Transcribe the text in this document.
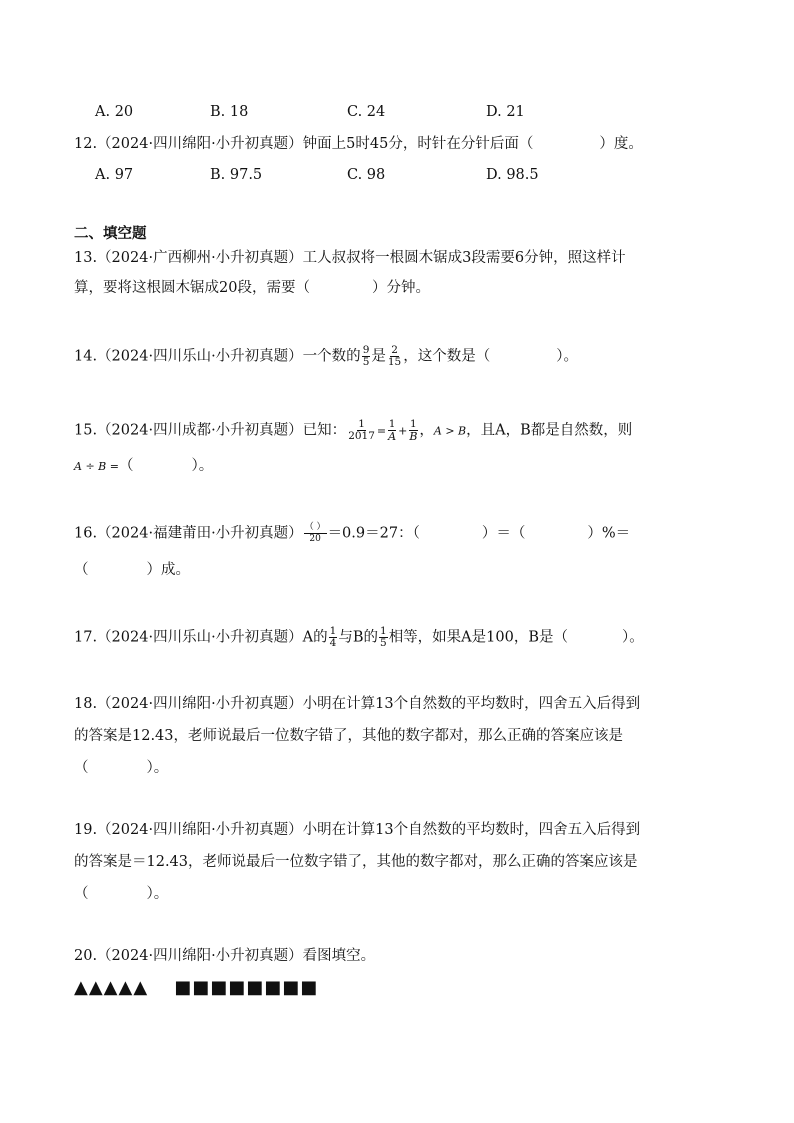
A. 20	B. 18	C. 24	D. 21
12.（2024·四川绵阳·小升初真题）钟面上5时45分，时针在分针后面（	）度。
A. 97	B. 97.5	C. 98	D. 98.5
二、填空题
13.（2024·广西柳州·小升初真题）工人叔叔将一根圆木锯成3段需要6分钟，照这样计
算，要将这根圆木锯成20段，需要（	）分钟。
14.（2024·四川乐山·小升初真题）一个数的 $\frac{9}{5}$ 是 $\frac{2}{15}$ ，这个数是（	）。
15.（2024·四川成都·小升初真题）已知： $\frac{1}{2017} = \frac{1}{A} + \frac{1}{B}$ ，A > B，且A，B都是自然数，则
A ÷ B =（	）。
16.（2024·福建莆田·小升初真题） $\frac{( )}{20} =0.9=27$：（	）＝（	）%＝
（	）成。
17.（2024·四川乐山·小升初真题）A的 $\frac{1}{4}$ 与B的 $\frac{1}{5}$ 相等，如果A是100，B是（	）。
18.（2024·四川绵阳·小升初真题）小明在计算13个自然数的平均数时，四舍五入后得到
的答案是12.43，老师说最后一位数字错了，其他的数字都对，那么正确的答案应该是
（	）。
19.（2024·四川绵阳·小升初真题）小明在计算13个自然数的平均数时，四舍五入后得到
的答案是＝12.43，老师说最后一位数字错了，其他的数字都对，那么正确的答案应该是
（	）。
20.（2024·四川绵阳·小升初真题）看图填空。
▲▲▲▲▲ ■■■■■■■■
